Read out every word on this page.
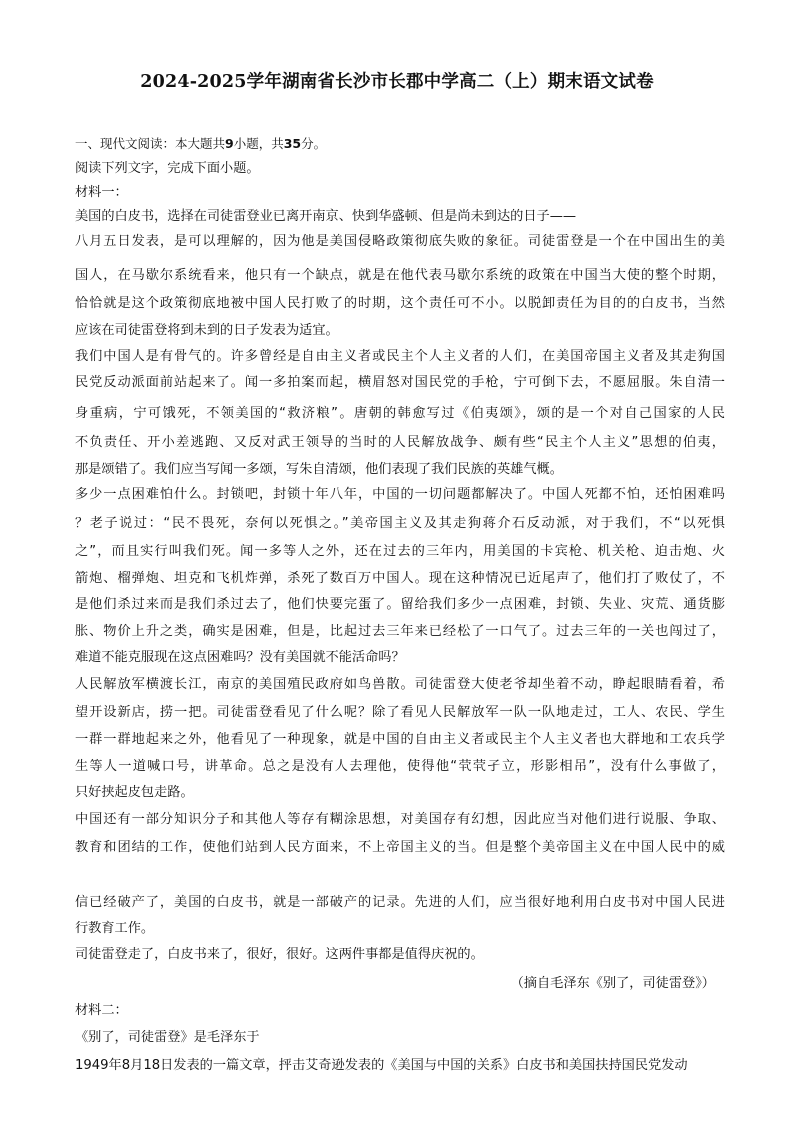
2024-2025学年湖南省长沙市长郡中学高二（上）期末语文试卷
一、现代文阅读：本大题共9小题，共35分。
阅读下列文字，完成下面小题。
材料一：
美国的白皮书，选择在司徒雷登业已离开南京、快到华盛顿、但是尚未到达的日子——
八月五日发表，是可以理解的，因为他是美国侵略政策彻底失败的象征。司徒雷登是一个在中国出生的美
国人，在马歇尔系统看来，他只有一个缺点，就是在他代表马歇尔系统的政策在中国当大使的整个时期，
恰恰就是这个政策彻底地被中国人民打败了的时期，这个责任可不小。以脱卸责任为目的的白皮书，当然
应该在司徒雷登将到未到的日子发表为适宜。
我们中国人是有骨气的。许多曾经是自由主义者或民主个人主义者的人们，在美国帝国主义者及其走狗国
民党反动派面前站起来了。闻一多拍案而起，横眉怒对国民党的手枪，宁可倒下去，不愿屈服。朱自清一
身重病，宁可饿死，不领美国的“救济粮”。唐朝的韩愈写过《伯夷颂》，颂的是一个对自己国家的人民
不负责任、开小差逃跑、又反对武王领导的当时的人民解放战争、颇有些“民主个人主义”思想的伯夷，
那是颂错了。我们应当写闻一多颂，写朱自清颂，他们表现了我们民族的英雄气概。
多少一点困难怕什么。封锁吧，封锁十年八年，中国的一切问题都解决了。中国人死都不怕，还怕困难吗
？老子说过：“民不畏死，奈何以死惧之。”美帝国主义及其走狗蒋介石反动派，对于我们，不“以死惧
之”，而且实行叫我们死。闻一多等人之外，还在过去的三年内，用美国的卡宾枪、机关枪、迫击炮、火
箭炮、榴弹炮、坦克和飞机炸弹，杀死了数百万中国人。现在这种情况已近尾声了，他们打了败仗了，不
是他们杀过来而是我们杀过去了，他们快要完蛋了。留给我们多少一点困难，封锁、失业、灾荒、通货膨
胀、物价上升之类，确实是困难，但是，比起过去三年来已经松了一口气了。过去三年的一关也闯过了，
难道不能克服现在这点困难吗？没有美国就不能活命吗？
人民解放军横渡长江，南京的美国殖民政府如鸟兽散。司徒雷登大使老爷却坐着不动，睁起眼睛看着，希
望开设新店，捞一把。司徒雷登看见了什么呢？除了看见人民解放军一队一队地走过，工人、农民、学生
一群一群地起来之外，他看见了一种现象，就是中国的自由主义者或民主个人主义者也大群地和工农兵学
生等人一道喊口号，讲革命。总之是没有人去理他，使得他“茕茕孑立，形影相吊”，没有什么事做了，
只好挟起皮包走路。
中国还有一部分知识分子和其他人等存有糊涂思想，对美国存有幻想，因此应当对他们进行说服、争取、
教育和团结的工作，使他们站到人民方面来，不上帝国主义的当。但是整个美帝国主义在中国人民中的威
信已经破产了，美国的白皮书，就是一部破产的记录。先进的人们，应当很好地利用白皮书对中国人民进
行教育工作。
司徒雷登走了，白皮书来了，很好，很好。这两件事都是值得庆祝的。
（摘自毛泽东《别了，司徒雷登》）
材料二：
《别了，司徒雷登》是毛泽东于
1949年8月18日发表的一篇文章，抨击艾奇逊发表的《美国与中国的关系》白皮书和美国扶持国民党发动
